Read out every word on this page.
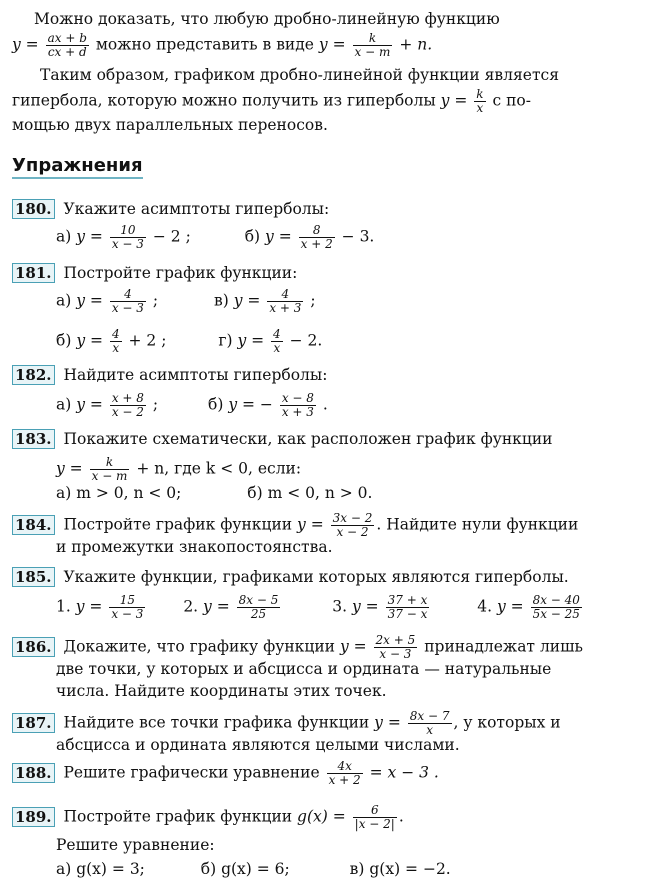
Можно доказать, что любую дробно-линейную функцию
$y = \frac{ax + b}{cx + d}$ можно представить в виде $y = \frac{k}{x - m} + n$.
Таким образом, графиком дробно-линейной функции является
гипербола, которую можно получить из гиперболы $y = \frac{k}{x}$ с по-
мощью двух параллельных переносов.
Упражнения
180. Укажите асимптоты гиперболы:
а) $y = \frac{10}{x - 3} - 2$ ;	б) $y = \frac{8}{x + 2} - 3$.
181. Постройте график функции:
а) $y = \frac{4}{x - 3}$ ;	в) $y = \frac{4}{x + 3}$ ;
б) $y = \frac{4}{x} + 2$ ;	г) $y = \frac{4}{x} - 2$.
182. Найдите асимптоты гиперболы:
а) $y = \frac{x + 8}{x - 2}$ ;	б) y = − $\frac{x - 8}{x + 3}$ .
183. Покажите схематически, как расположен график функции
$y = \frac{k}{x - m} + n$, где k < 0, если:
а) m > 0, n < 0;	б) m < 0, n > 0.
184. Постройте график функции $y = \frac{3x - 2}{x - 2}$ . Найдите нули функции
и промежутки знакопостоянства.
185. Укажите функции, графиками которых являются гиперболы.
1. $y = \frac{15}{x - 3} 2$. $y = \frac{8x - 5}{25}$	3. $y = \frac{37 + x}{37 - x}$	4. $y = \frac{8x - 40}{5x - 25}$
186. Докажите, что графику функции $y = \frac{2x + 5}{x - 3}$ принадлежат лишь
две точки, у которых и абсцисса и ордината — натуральные
числа. Найдите координаты этих точек.
187. Найдите все точки графика функции $y = \frac{8x - 7}{x}$ , у которых и
абсцисса и ордината являются целыми числами.
188. Решите графически уравнение $\frac{4x}{x + 2} = x - 3$ .
189. Постройте график функции $g(x) = \frac{6}{|x - 2|}$ .
Решите уравнение:
а) g(x) = 3;	б) g(x) = 6;	в) g(x) = −2.
